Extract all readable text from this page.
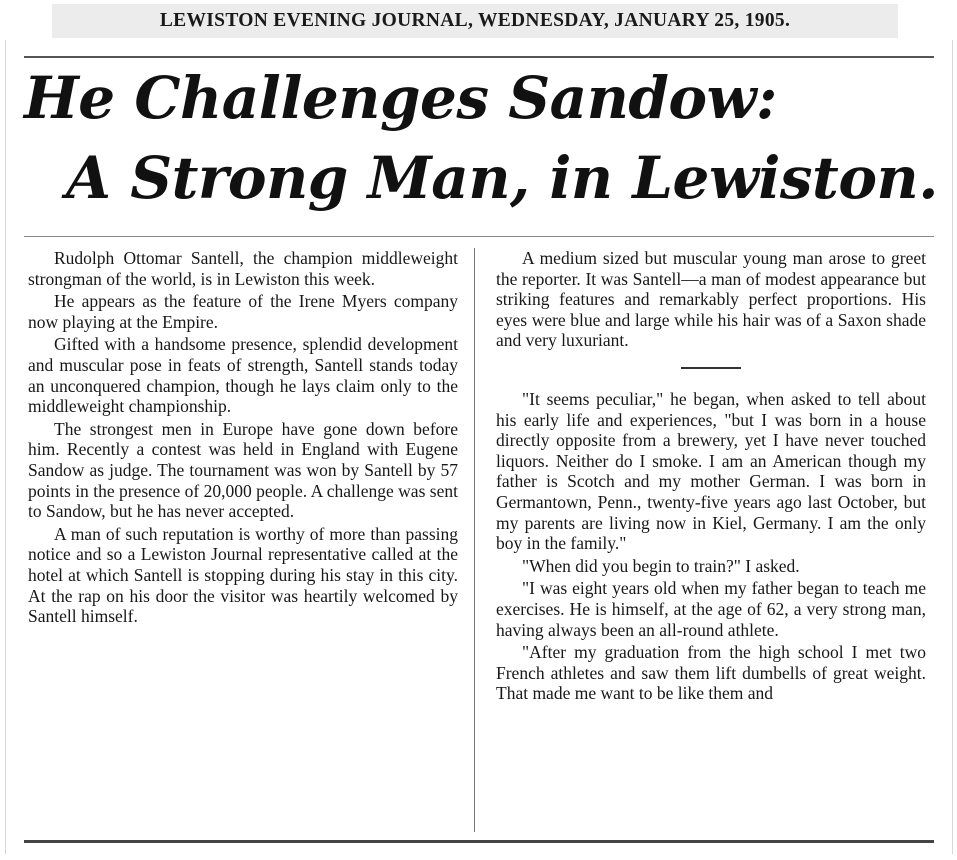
LEWISTON EVENING JOURNAL, WEDNESDAY, JANUARY 25, 1905.
He Challenges Sandow:
A Strong Man, in Lewiston.

Rudolph Ottomar Santell, the champion middleweight strongman of the world, is in Lewiston this week.

He appears as the feature of the Irene Myers company now playing at the Empire.

Gifted with a handsome presence, splendid development and muscular pose in feats of strength, Santell stands today an unconquered champion, though he lays claim only to the middleweight championship.

The strongest men in Europe have gone down before him. Recently a contest was held in England with Eugene Sandow as judge. The tournament was won by Santell by 57 points in the presence of 20,000 people. A challenge was sent to Sandow, but he has never accepted.

A man of such reputation is worthy of more than passing notice and so a Lewiston Journal representative called at the hotel at which Santell is stopping during his stay in this city. At the rap on his door the visitor was heartily welcomed by Santell himself.

A medium sized but muscular young man arose to greet the reporter. It was Santell—a man of modest appearance but striking features and remarkably perfect proportions. His eyes were blue and large while his hair was of a Saxon shade and very luxuriant.

"It seems peculiar," he began, when asked to tell about his early life and experiences, "but I was born in a house directly opposite from a brewery, yet I have never touched liquors. Neither do I smoke. I am an American though my father is Scotch and my mother German. I was born in Germantown, Penn., twenty-five years ago last October, but my parents are living now in Kiel, Germany. I am the only boy in the family."

"When did you begin to train?" I asked.

"I was eight years old when my father began to teach me exercises. He is himself, at the age of 62, a very strong man, having always been an all-round athlete.

"After my graduation from the high school I met two French athletes and saw them lift dumbells of great weight. That made me want to be like them and
